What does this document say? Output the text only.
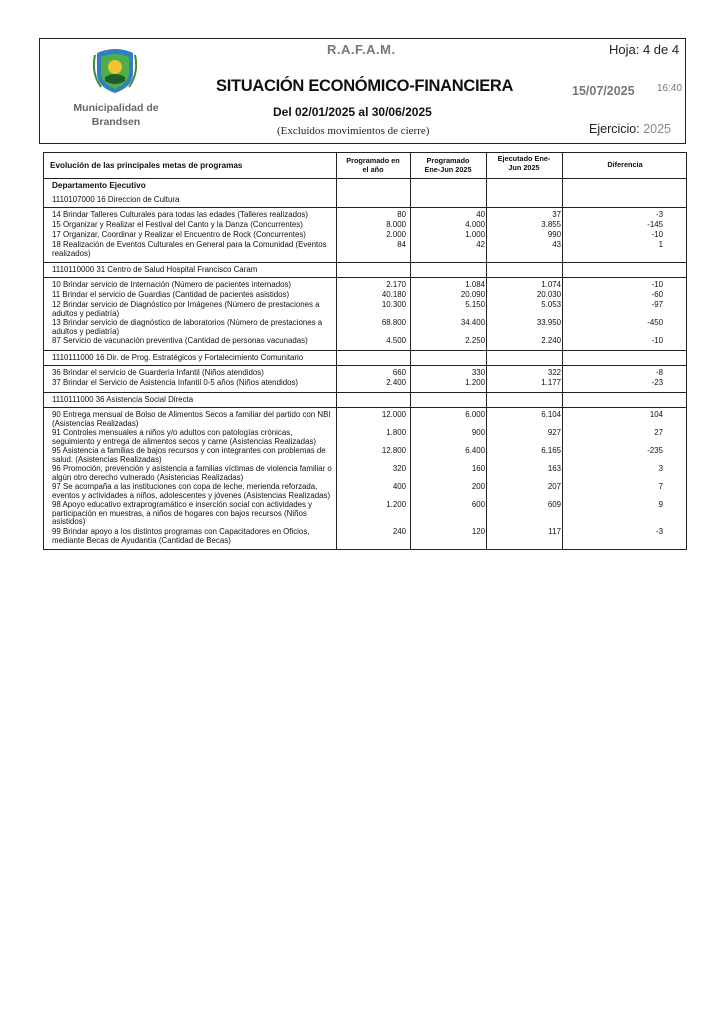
Municipalidad de Brandsen
R.A.F.A.M.	Hoja: 4 de 4
SITUACIÓN ECONÓMICO-FINANCIERA	15/07/2025 16:40
Del 02/01/2025 al 30/06/2025
(Excluidos movimientos de cierre)	Ejercicio: 2025
Evolución de las principales metas de programas
Programado en el año
Programado Ene-Jun 2025
Ejecutado Ene-Jun 2025	Diferencia
Departamento Ejecutivo
1110107000 16 Direccion de Cultura
14 Brindar Talleres Culturales para todas las edades (Talleres realizados)	80	40	37	-3
15 Organizar y Realizar el Festival del Canto y la Danza (Concurrentes)	8.000	4.000	3.855	-145
17 Organizar, Coordinar y Realizar el Encuentro de Rock (Concurrentes)	2.000	1.000	990	-10
18 Realización de Eventos Culturales en General para la Comunidad (Eventos realizados)
84	42	43	1
1110110000 31 Centro de Salud Hospital Francisco Caram
10 Brindar servicio de Internación (Número de pacientes internados)	2.170	1.084	1.074	-10
11 Brindar el servicio de Guardias (Cantidad de pacientes asistidos)	40.180	20.090	20.030	-60
12 Brindar servicio de Diagnóstico por Imágenes (Número de prestaciones a adultos y pediatría)
10.300	5.150	5.053	-97
13 Brindar servicio de diagnóstico de laboratorios (Número de prestaciones a adultos y pediatría)
68.800	34.400	33.950	-450
87 Servicio de vacunación preventiva (Cantidad de personas vacunadas)	4.500	2.250	2.240	-10
1110111000 16 Dir. de Prog. Estratégicos y Fortalecimiento Comunitario
36 Brindar el servicio de Guardería Infantil (Niños atendidos)	660	330	322	-8
37 Brindar el Servicio de Asistencia Infantil 0-5 años (Niños atendidos)	2.400	1.200	1.177	-23
1110111000 36 Asistencia Social Directa
90 Entrega mensual de Bolso de Alimentos Secos a familiar del partido con NBI (Asistencias Realizadas)
12.000	6.000	6.104	104
91 Controles mensuales a niños y/o adultos con patologías crónicas, seguimiento y entrega de alimentos secos y carne (Asistencias Realizadas)
1.800	900	927	27
95 Asistencia a familias de bajos recursos y con integrantes con problemas de salud. (Asistencias Realizadas)
12.800	6.400	6.165	-235
96 Promoción, prevención y asistencia a familias víctimas de violencia familiar o algún otro derecho vulnerado (Asistencias Realizadas)
320	160	163	3
97 Se acompaña a las instituciones con copa de leche, merienda reforzada, eventos y actividades a niños, adolescentes y jóvenes (Asistencias Realizadas)
400	200	207	7
98 Apoyo educativo extraprogramático e inserción social con actividades y participación en muestras, a niños de hogares con bajos recursos (Niños asistidos)
1.200	600	609	9
99 Brindar apoyo a los distintos programas con Capacitadores en Oficios, mediante Becas de Ayudantía (Cantidad de Becas)
240	120	117	-3
